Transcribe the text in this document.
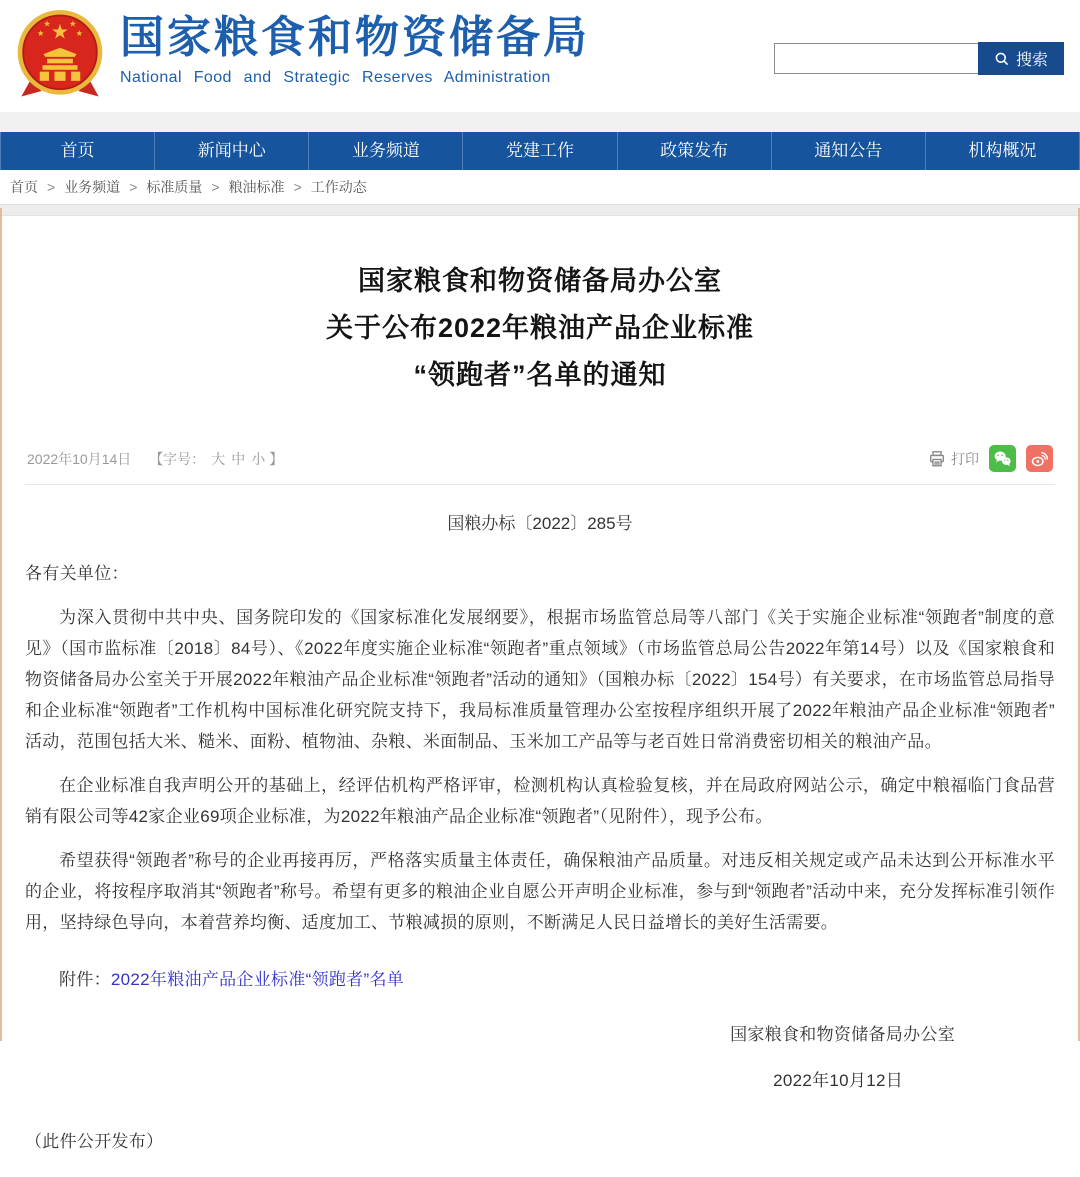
★
★	★
★ ★ 国家粮食和物资储备局
National Food and Strategic Reserves Administration
搜索
首页	新闻中心	业务频道	党建工作	政策发布	通知公告	机构概况
首页 > 业务频道 > 标准质量 > 粮油标准 > 工作动态
国家粮食和物资储备局办公室
关于公布2022年粮油产品企业标准
“领跑者”名单的通知
2022年10月14日 【字号： 大 中 小 】	打印
国粮办标〔2022〕285号

各有关单位：

为深入贯彻中共中央、国务院印发的《国家标准化发展纲要》，根据市场监管总局等八部门《关于实施企业标准“领跑者”制度的意见》（国市监标准〔2018〕84号）、《2022年度实施企业标准“领跑者”重点领域》（市场监管总局公告2022年第14号）以及《国家粮食和物资储备局办公室关于开展2022年粮油产品企业标准“领跑者”活动的通知》（国粮办标〔2022〕154号）有关要求，在市场监管总局指导和企业标准“领跑者”工作机构中国标准化研究院支持下，我局标准质量管理办公室按程序组织开展了2022年粮油产品企业标准“领跑者”活动，范围包括大米、糙米、面粉、植物油、杂粮、米面制品、玉米加工产品等与老百姓日常消费密切相关的粮油产品。

在企业标准自我声明公开的基础上，经评估机构严格评审，检测机构认真检验复核，并在局政府网站公示，确定中粮福临门食品营销有限公司等42家企业69项企业标准，为2022年粮油产品企业标准“领跑者”（见附件），现予公布。

希望获得“领跑者”称号的企业再接再厉，严格落实质量主体责任，确保粮油产品质量。对违反相关规定或产品未达到公开标准水平的企业，将按程序取消其“领跑者”称号。希望有更多的粮油企业自愿公开声明企业标准，参与到“领跑者”活动中来，充分发挥标准引领作用，坚持绿色导向，本着营养均衡、适度加工、节粮减损的原则，不断满足人民日益增长的美好生活需要。

附件：2022年粮油产品企业标准“领跑者”名单

国家粮食和物资储备局办公室
2022年10月12日

（此件公开发布）
